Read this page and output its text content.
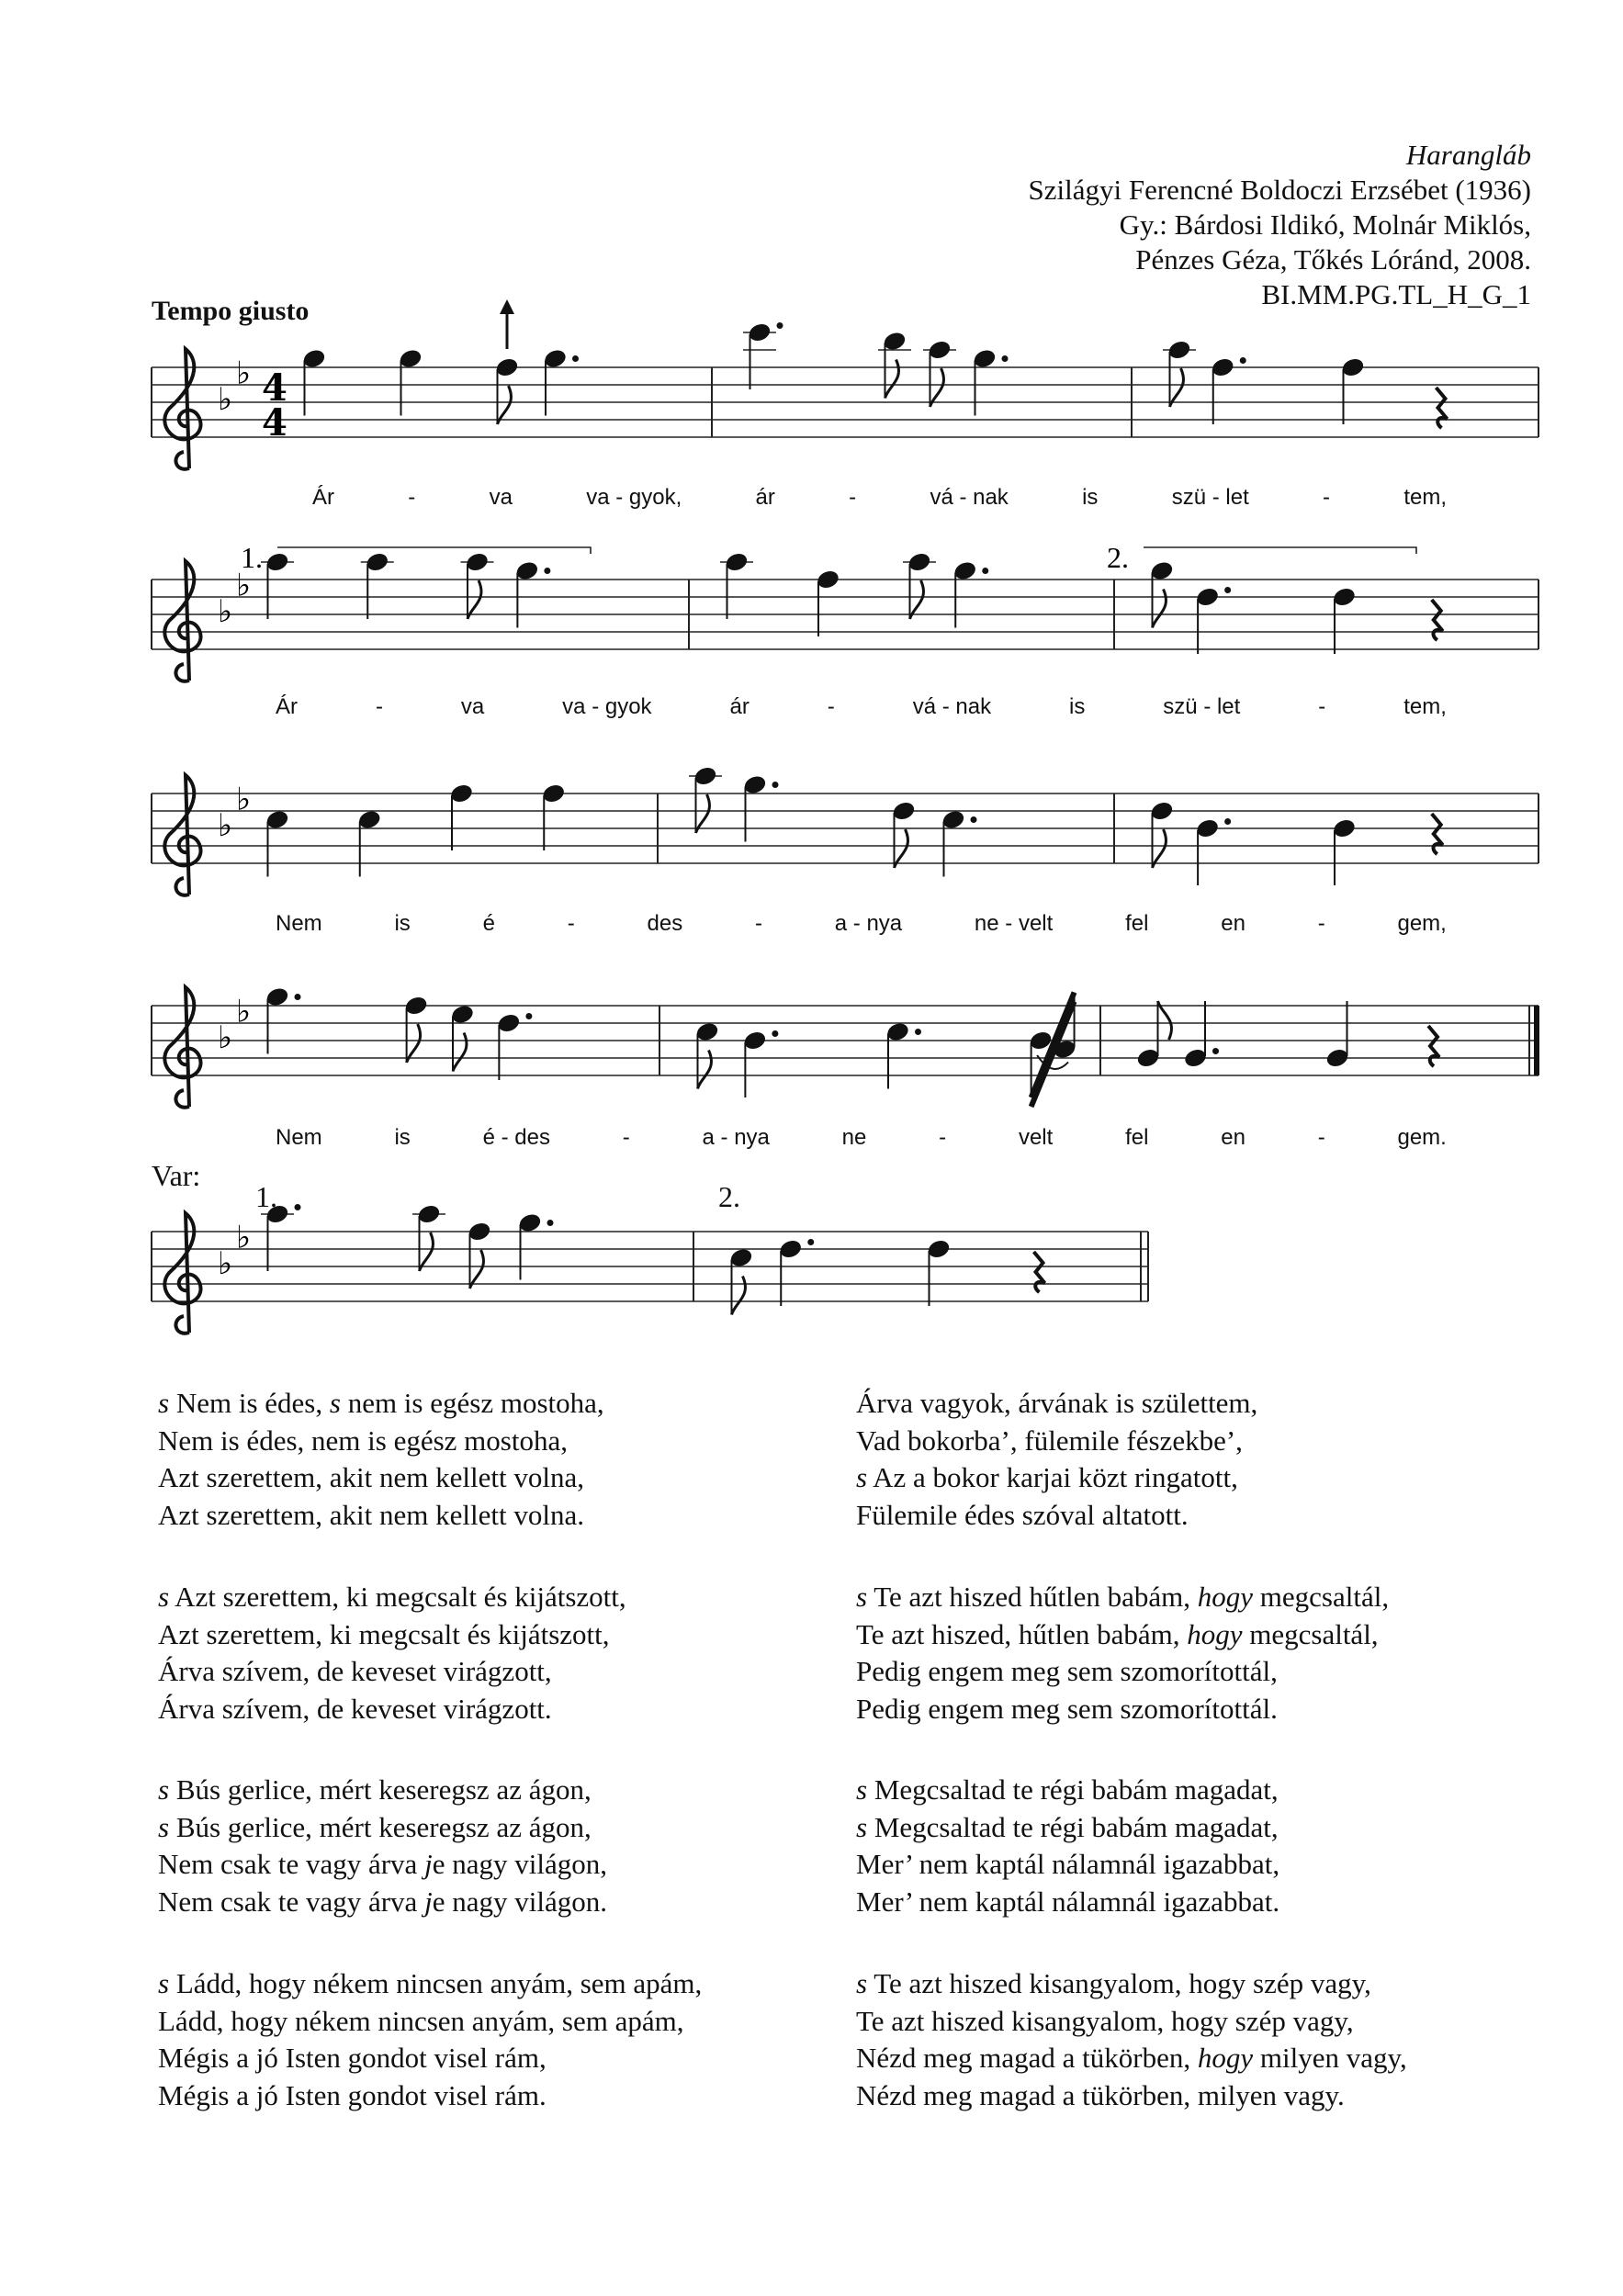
Harangláb
Szilágyi Ferencné Boldoczi Erzsébet (1936)
Gy.: Bárdosi Ildikó, Molnár Miklós,
Pénzes Géza, Tőkés Lóránd, 2008.
BI.MM.PG.TL_H_G_1
Tempo giusto
♭
♭ 4
4
Ár	-	va	va - gyok,	ár	-	vá - nak	is	szü - let	-	tem,
♭
♭
1.	2.
Ár	-	va	va - gyok	ár	-	vá - nak	is	szü - let	-	tem,
♭
♭
Nem	is	é	-	des	-	a - nya	ne - velt	fel	en	-	gem,
♭
♭
Nem	is	é - des	-	a - nya	ne	-	velt	fel	en	-	gem.
♭
♭
Var:
1.	2.
s Nem is édes, s nem is egész mostoha,
Nem is édes, nem is egész mostoha,
Azt szerettem, akit nem kellett volna,
Azt szerettem, akit nem kellett volna.
Árva vagyok, árvának is születtem,
Vad bokorba’, fülemile fészekbe’,
s Az a bokor karjai közt ringatott,
Fülemile édes szóval altatott.
s Azt szerettem, ki megcsalt és kijátszott,
Azt szerettem, ki megcsalt és kijátszott,
Árva szívem, de keveset virágzott,
Árva szívem, de keveset virágzott.
s Te azt hiszed hűtlen babám, hogy megcsaltál,
Te azt hiszed, hűtlen babám, hogy megcsaltál,
Pedig engem meg sem szomorítottál,
Pedig engem meg sem szomorítottál.
s Bús gerlice, mért keseregsz az ágon,
s Bús gerlice, mért keseregsz az ágon,
Nem csak te vagy árva je nagy világon,
Nem csak te vagy árva je nagy világon.
s Megcsaltad te régi babám magadat,
s Megcsaltad te régi babám magadat,
Mer’ nem kaptál nálamnál igazabbat,
Mer’ nem kaptál nálamnál igazabbat.
s Ládd, hogy nékem nincsen anyám, sem apám,
Ládd, hogy nékem nincsen anyám, sem apám,
Mégis a jó Isten gondot visel rám,
Mégis a jó Isten gondot visel rám.
s Te azt hiszed kisangyalom, hogy szép vagy,
Te azt hiszed kisangyalom, hogy szép vagy,
Nézd meg magad a tükörben, hogy milyen vagy,
Nézd meg magad a tükörben, milyen vagy.
